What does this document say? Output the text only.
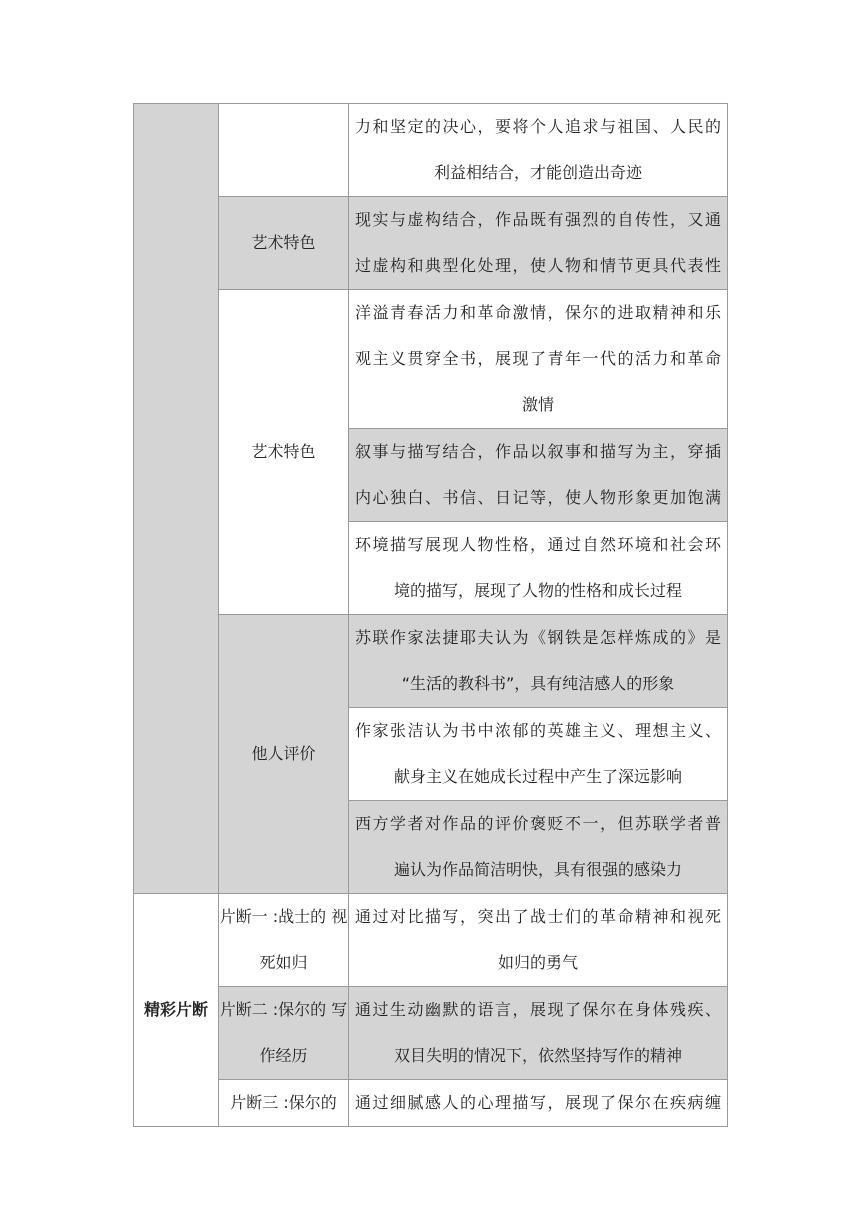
		力和坚定的决心，要将个人追求与祖国、人民的
利益相结合，才能创造出奇迹

	艺术特色	现实与虚构结合，作品既有强烈的自传性，又通
过虚构和典型化处理，使人物和情节更具代表性

	艺术特色	洋溢青春活力和革命激情，保尔的进取精神和乐
观主义贯穿全书，展现了青年一代的活力和革命
激情

		叙事与描写结合，作品以叙事和描写为主，穿插
内心独白、书信、日记等，使人物形象更加饱满

		环境描写展现人物性格，通过自然环境和社会环
境的描写，展现了人物的性格和成长过程

	他人评价	苏联作家法捷耶夫认为《钢铁是怎样炼成的》是
“生活的教科书”，具有纯洁感人的形象

		作家张洁认为书中浓郁的英雄主义、理想主义、
献身主义在她成长过程中产生了深远影响

		西方学者对作品的评价褒贬不一，但苏联学者普
遍认为作品简洁明快，具有很强的感染力

精彩片断	片断一 :战士的 视死如归	通过对比描写，突出了战士们的革命精神和视死
如归的勇气

	片断二 :保尔的 写作经历	通过生动幽默的语言，展现了保尔在身体残疾、
双目失明的情况下，依然坚持写作的精神

	片断三 :保尔的	通过细腻感人的心理描写，展现了保尔在疾病缠
